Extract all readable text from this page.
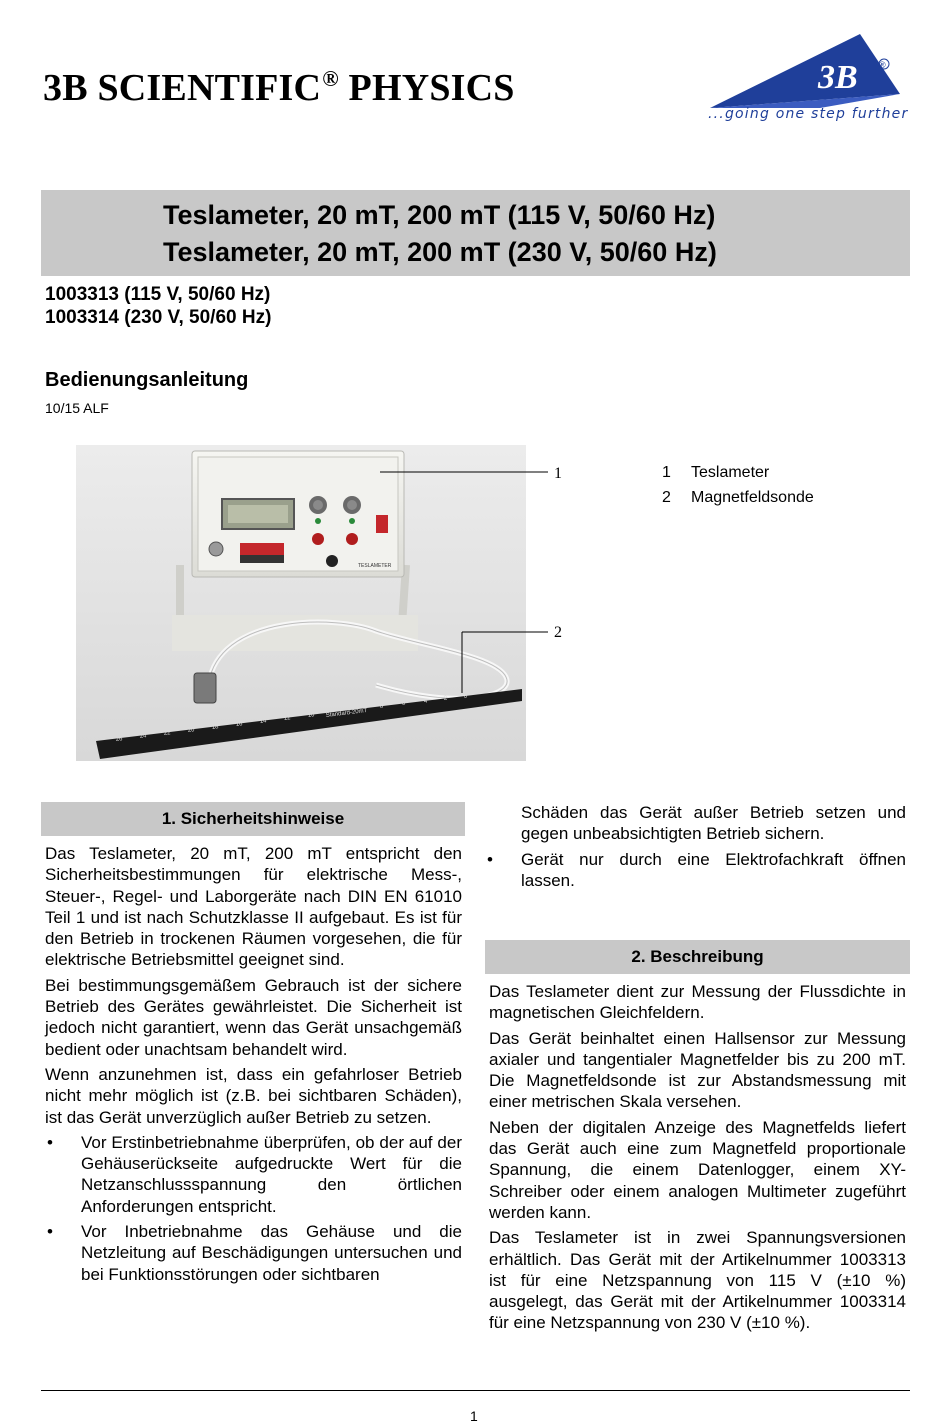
3B SCIENTIFIC® PHYSICS	3B ®
...going one step further
Teslameter, 20 mT, 200 mT (115 V, 50/60 Hz)
Teslameter, 20 mT, 200 mT (230 V, 50/60 Hz)
1003313 (115 V, 50/60 Hz)
1003314 (230 V, 50/60 Hz)
Bedienungsanleitung
10/15 ALF
TESLAMETER
Standard-20mT
26	24	22	20	18	16	14	12	10
8	6	4	2	0
1
2
1 Teslameter
2 Magnetfeldsonde
1. Sicherheitshinweise

Das Teslameter, 20 mT, 200 mT entspricht den Sicherheitsbestimmungen für elektrische Mess-, Steuer-, Regel- und Laborgeräte nach DIN EN 61010 Teil 1 und ist nach Schutzklasse II aufgebaut. Es ist für den Betrieb in trockenen Räumen vorgesehen, die für elektrische Betriebsmittel geeignet sind.

Bei bestimmungsgemäßem Gebrauch ist der sichere Betrieb des Gerätes gewährleistet. Die Sicherheit ist jedoch nicht garantiert, wenn das Gerät unsachgemäß bedient oder unachtsam behandelt wird.

Wenn anzunehmen ist, dass ein gefahrloser Betrieb nicht mehr möglich ist (z.B. bei sichtbaren Schäden), ist das Gerät unverzüglich außer Betrieb zu setzen.

• Vor Erstinbetriebnahme überprüfen, ob der auf der Gehäuserückseite aufgedruckte Wert für die Netzanschlussspannung den örtlichen Anforderungen entspricht.
• Vor Inbetriebnahme das Gehäuse und die Netzleitung auf Beschädigungen untersuchen und bei Funktionsstörungen oder sichtbaren

Schäden das Gerät außer Betrieb setzen und gegen unbeabsichtigten Betrieb sichern.

• Gerät nur durch eine Elektrofachkraft öffnen lassen.
2. Beschreibung

Das Teslameter dient zur Messung der Flussdichte in magnetischen Gleichfeldern.

Das Gerät beinhaltet einen Hallsensor zur Messung axialer und tangentialer Magnetfelder bis zu 200 mT. Die Magnetfeldsonde ist zur Abstandsmessung mit einer metrischen Skala versehen.

Neben der digitalen Anzeige des Magnetfelds liefert das Gerät auch eine zum Magnetfeld proportionale Spannung, die einem Datenlogger, einem XY-Schreiber oder einem analogen Multimeter zugeführt werden kann.

Das Teslameter ist in zwei Spannungsversionen erhältlich. Das Gerät mit der Artikelnummer 1003313 ist für eine Netzspannung von 115 V (±10 %) ausgelegt, das Gerät mit der Artikelnummer 1003314 für eine Netzspannung von 230 V (±10 %).

1
